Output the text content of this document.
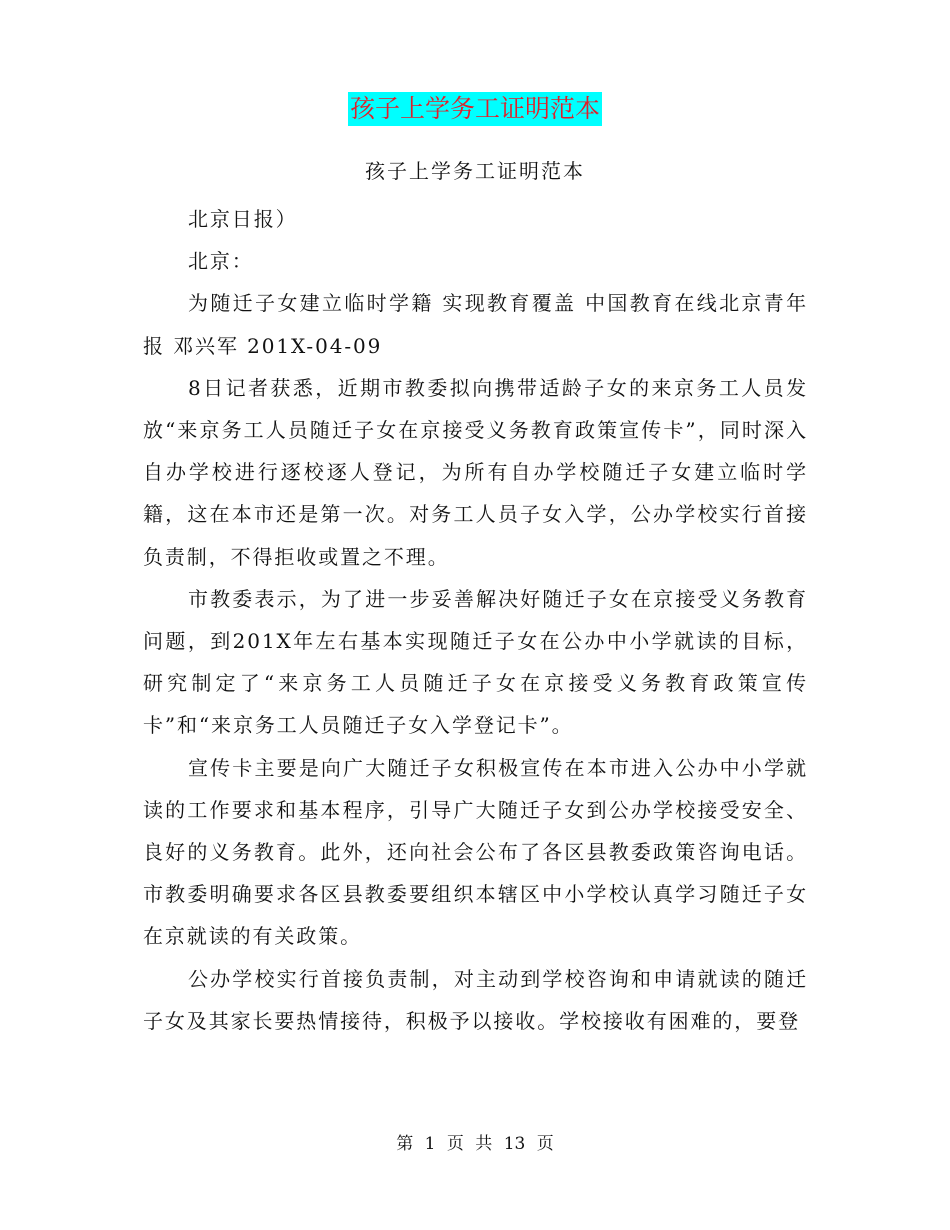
孩子上学务工证明范本
孩子上学务工证明范本

北京日报）

北京：

为随迁子女建立临时学籍 实现教育覆盖 中国教育在线北京青年报 邓兴军 201X-04-09

8日记者获悉，近期市教委拟向携带适龄子女的来京务工人员发放“来京务工人员随迁子女在京接受义务教育政策宣传卡”，同时深入自办学校进行逐校逐人登记，为所有自办学校随迁子女建立临时学籍，这在本市还是第一次。对务工人员子女入学，公办学校实行首接负责制，不得拒收或置之不理。

市教委表示，为了进一步妥善解决好随迁子女在京接受义务教育问题，到201X年左右基本实现随迁子女在公办中小学就读的目标，研究制定了“来京务工人员随迁子女在京接受义务教育政策宣传卡”和“来京务工人员随迁子女入学登记卡”。

宣传卡主要是向广大随迁子女积极宣传在本市进入公办中小学就读的工作要求和基本程序，引导广大随迁子女到公办学校接受安全、良好的义务教育。此外，还向社会公布了各区县教委政策咨询电话。市教委明确要求各区县教委要组织本辖区中小学校认真学习随迁子女在京就读的有关政策。

公办学校实行首接负责制，对主动到学校咨询和申请就读的随迁子女及其家长要热情接待，积极予以接收。学校接收有困难的，要登

第 1 页 共 13 页
